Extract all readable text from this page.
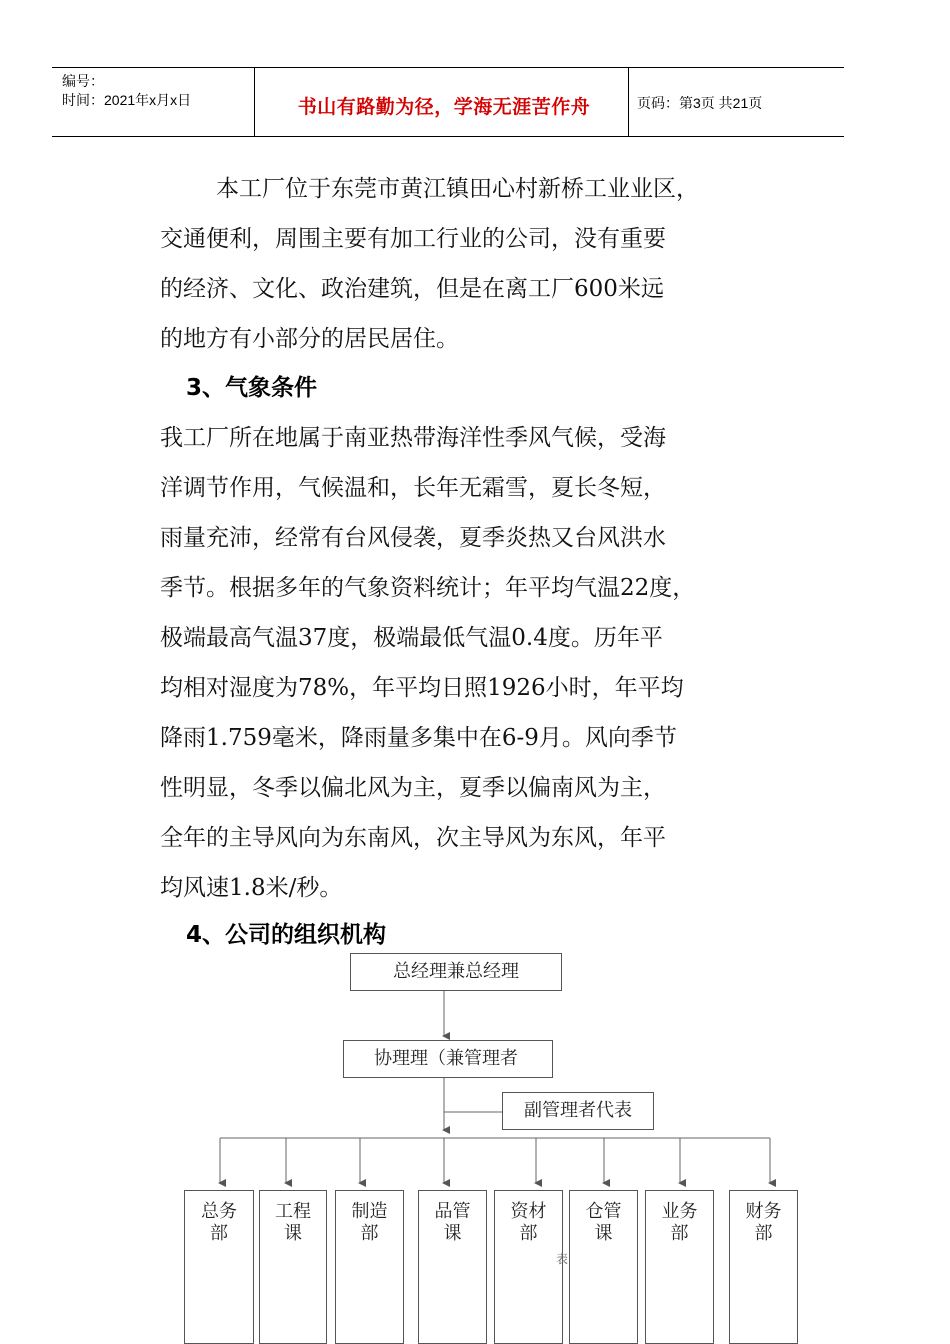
编号：
时间：2021年x月x日	书山有路勤为径，学海无涯苦作舟	页码：第3页 共21页
本工厂位于东莞市黄江镇田心村新桥工业业区，
交通便利，周围主要有加工行业的公司，没有重要
的经济、文化、政治建筑，但是在离工厂600米远
的地方有小部分的居民居住。
3、气象条件
我工厂所在地属于南亚热带海洋性季风气候，受海
洋调节作用，气候温和，长年无霜雪，夏长冬短，
雨量充沛，经常有台风侵袭，夏季炎热又台风洪水
季节。根据多年的气象资料统计；年平均气温22度，
极端最高气温37度，极端最低气温0.4度。历年平
均相对湿度为78%，年平均日照1926小时，年平均
降雨1.759毫米，降雨量多集中在6-9月。风向季节
性明显，冬季以偏北风为主，夏季以偏南风为主，
全年的主导风向为东南风，次主导风为东风，年平
均风速1.8米/秒。
4、公司的组织机构
总经理兼总经理
协理理（兼管理者
副管理者代表
总务
部
工程
课
制造
部
品管
课
资材
部
仓管
课
业务
部
财务
部
表
